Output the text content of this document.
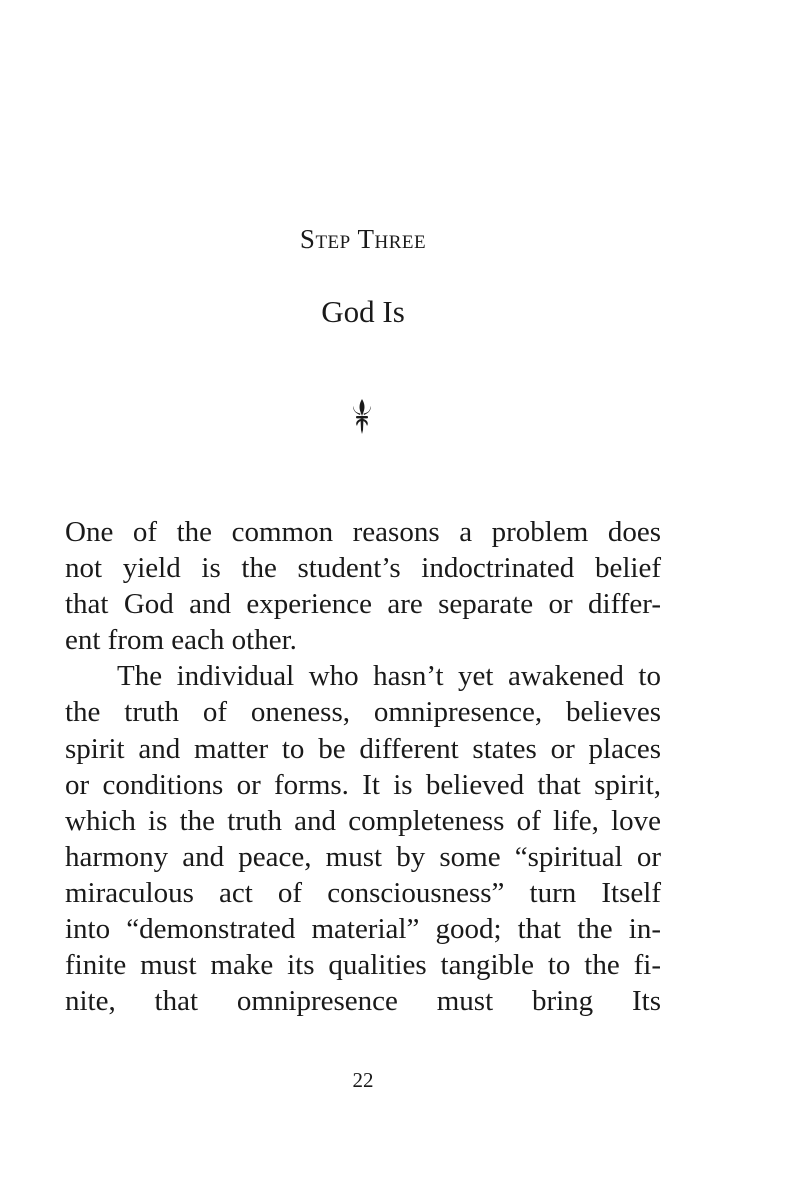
Step Three
God Is
One of the common reasons a problem does
not yield is the student’s indoctrinated belief
that God and experience are separate or differ-
ent from each other.
The individual who hasn’t yet awakened to
the truth of oneness, omnipresence, believes
spirit and matter to be different states or places
or conditions or forms. It is believed that spirit,
which is the truth and completeness of life, love
harmony and peace, must by some “spiritual or
miraculous act of consciousness” turn Itself
into “demonstrated material” good; that the in-
finite must make its qualities tangible to the fi-
nite, that omnipresence must bring Its
22
